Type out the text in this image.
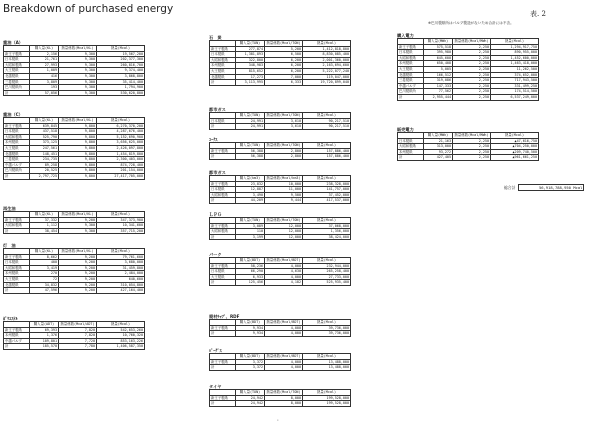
Breakdown of purchased energy	表. 2
※巴川製紙所はパルプ製造がないため合計には不含。
重油（A）
	購入量(KL)	熱量係数(Mcal/KL)	熱量(Mcal)
新王子製紙	2,156	9,300	19,567,200
日本製紙	21,761	9,300	202,377,300
大昭和製紙	27,993	9,300	260,816,700
大王製紙	1,009	9,300	9,374,400
北越製紙	416	9,300	3,868,800
三菱製紙	3,809	9,300	35,414,400
巴川製紙所	193	9,300	1,794,900
計	57,056	9,300	530,620,800
重油（C）
	購入量(KL)	熱量係数(Mcal/KL)	熱量(Mcal)
新王子製紙	639,845	9,800	6,270,370,200
日本製紙	437,518	9,800	4,287,676,400
大昭和製紙	525,790	9,800	5,152,690,900
本州製紙	373,125	9,800	3,656,625,000
大王製紙	247,561	9,800	2,426,097,800
北越製紙	148,451	9,800	1,454,819,800
三菱製紙	234,735	9,800	2,300,403,000
中越パルプ	89,258	9,800	874,728,400
巴川製紙所	20,525	9,800	201,154,000
計	2,797,725	9,800	27,417,705,000
再生油
	購入量(KL)	熱量係数(Mcal/KL)	熱量(Mcal)
新王子製紙	37,332	9,200	347,373,900
大昭和製紙	1,112	9,300	10,341,600
計	38,454	9,300	357,715,200
灯　油
	購入量(KL)	熱量係数(Mcal/KL)	熱量(Mcal)
新王子製紙	8,662	9,200	79,761,600
日本製紙	400	9,200	3,680,000
大昭和製紙	3,419	9,200	31,459,800
本州製紙	270	9,200	2,484,000
大王製紙	72	9,200	640,600
北越製紙	34,832	9,200	310,054,800
計	47,596	9,200	427,164,400
ﾎﾟﾘｴｽﾃﾙ
	購入量(ADT)	熱量係数(Mcal/ADT)	熱量(Mcal)
新王子製紙	69,393	7,820	542,653,260
本州製紙	1,376	7,820	10,760,320
中越パルプ	109,801	7,720	853,163,226
計	185,570	7,780	1,406,587,350
石　炭
	購入量(TON)	熱量係数(Mcal/TON)	熱量(Mcal)
新王子製紙	277,874	5,200	1,412,818,800
日本製紙	1,381,893	6,500	8,830,085,400
大昭和製紙	322,800	6,200	2,001,360,000
本州製紙	348,983	6,200	2,163,694,600
大王製紙	815,652	6,200	5,222,077,240
北越製紙	17,273	7,000	119,047,000
計	3,113,995	6,333	19,720,899,040
都市ガス
	購入量(TON)	熱量係数(Mcal/TON)	熱量(Mcal)
日本製紙	24,991	3,610	90,217,510
計	24,991	3,610	90,217,510
ｺｰｸｽ
	購入量(TON)	熱量係数(Mcal/TON)	熱量(Mcal)
新王子製紙	56,388	2,800	157,886,400
計	56,388	2,800	157,886,400
都市ガス
	購入量(km3)	熱量係数(Mcal/km3)	熱量(Mcal)
新王子製紙	23,832	10,000	238,328,000
日本製紙	12,887	11,000	141,757,000
大昭和製紙	3,490	9,500	37,452,000
計	44,209	9,444	417,537,000
ＬＰＧ
	購入量(TON)	熱量係数(Mcal/TON)	熱量(Mcal)
新王子製紙	3,089	12,000	37,068,000
大昭和製紙	110	12,000	1,356,000
計	3,199	12,000	38,424,000
バーク
	購入量(BDT)	熱量係数(Mcal/BDT)	熱量(Mcal)
新王子製紙	58,236	4,000	232,944,000
日本製紙	66,290	4,630	265,258,400
大王製紙	6,933	4,000	27,733,000
計	125,456	4,182	525,935,400
廃材ﾁｯﾌﾟ、RDF
	購入量(BDT)	熱量係数(Mcal/BDT)	熱量(Mcal)
新王子製紙	9,934	4,000	39,736,000
計	9,934	4,000	39,736,000
ﾊﾟｰｸﾞｽ
	購入量(BDT)	熱量係数(Mcal/BDT)	熱量(Mcal)
新王子製紙	3,372	4,000	13,488,000
計	3,372	4,000	13,488,000
タイヤ
	購入量(TON)	熱量係数(Mcal/TON)	熱量(Mcal)
新王子製紙	24,942	8,000	199,528,000
計	24,942	8,000	199,528,000
購入電力
	購入量(MWh)	熱量係数(Mcal/MWh)	熱量(Mcal)
新王子製紙	575,518	2,250	1,294,917,750
日本製紙	395,980	2,250	890,955,000
大昭和製紙	645,600	2,250	1,452,600,000
本州製紙	650,408	2,250	1,463,418,000
大王製紙	5,005	2,250	11,262,500
北越製紙	166,512	2,250	374,652,000
三菱製紙	319,086	2,250	717,943,500
中越パルプ	147,333	2,250	331,499,250
巴川製紙所	77,562	2,250	174,514,500
計	2,955,444	2,250	6,537,249,000
販売電力
	購入量(MWh)	熱量係数(Mcal/MWh)	熱量(Mcal)
日本製紙	21,163	2,250	▲47,616,750
大昭和製紙	313,000	2,250	▲704,250,000
本州製紙	93,272	2,250	▲209,740,500
計	427,405	2,250	▲961,661,250
総合計	56,918,788,950 Mcal
ﾞ
